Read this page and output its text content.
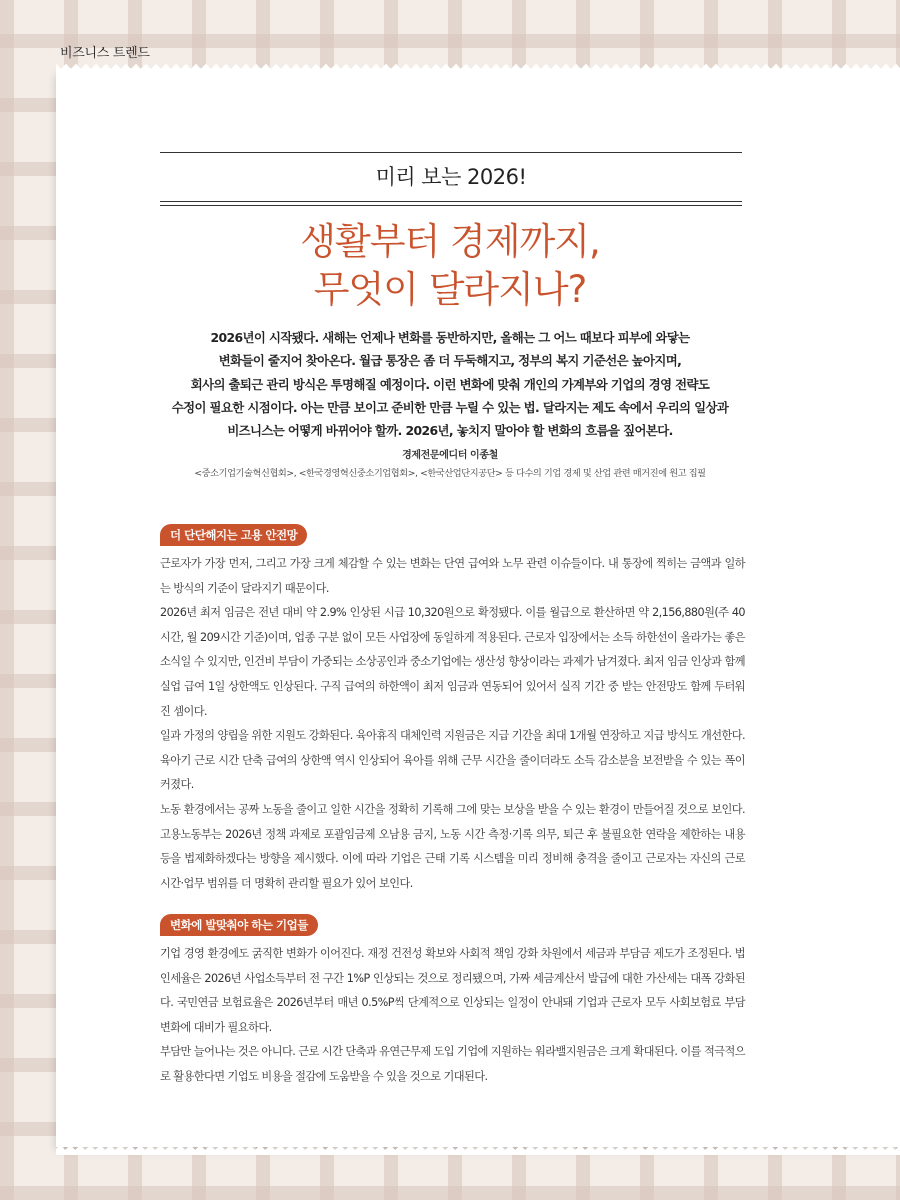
비즈니스 트렌드
미리 보는 2026!
생활부터 경제까지,
무엇이 달라지나?
2026년이 시작됐다. 새해는 언제나 변화를 동반하지만, 올해는 그 어느 때보다 피부에 와닿는
변화들이 줄지어 찾아온다. 월급 통장은 좀 더 두둑해지고, 정부의 복지 기준선은 높아지며,
회사의 출퇴근 관리 방식은 투명해질 예정이다. 이런 변화에 맞춰 개인의 가계부와 기업의 경영 전략도
수정이 필요한 시점이다. 아는 만큼 보이고 준비한 만큼 누릴 수 있는 법. 달라지는 제도 속에서 우리의 일상과
비즈니스는 어떻게 바뀌어야 할까. 2026년, 놓치지 말아야 할 변화의 흐름을 짚어본다.
경제전문에디터 이종철
<중소기업기술혁신협회>, <한국경영혁신중소기업협회>, <한국산업단지공단> 등 다수의 기업 경제 및 산업 관련 매거진에 원고 집필
더 단단해지는 고용 안전망

근로자가 가장 먼저, 그리고 가장 크게 체감할 수 있는 변화는 단연 급여와 노무 관련 이슈들이다. 내 통장에 찍히는 금액과 일하는 방식의 기준이 달라지기 때문이다.

2026년 최저 임금은 전년 대비 약 2.9% 인상된 시급 10,320원으로 확정됐다. 이를 월급으로 환산하면 약 2,156,880원(주 40시간, 월 209시간 기준)이며, 업종 구분 없이 모든 사업장에 동일하게 적용된다. 근로자 입장에서는 소득 하한선이 올라가는 좋은 소식일 수 있지만, 인건비 부담이 가중되는 소상공인과 중소기업에는 생산성 향상이라는 과제가 남겨졌다. 최저 임금 인상과 함께 실업 급여 1일 상한액도 인상된다. 구직 급여의 하한액이 최저 임금과 연동되어 있어서 실직 기간 중 받는 안전망도 함께 두터워진 셈이다.

일과 가정의 양립을 위한 지원도 강화된다. 육아휴직 대체인력 지원금은 지급 기간을 최대 1개월 연장하고 지급 방식도 개선한다. 육아기 근로 시간 단축 급여의 상한액 역시 인상되어 육아를 위해 근무 시간을 줄이더라도 소득 감소분을 보전받을 수 있는 폭이 커졌다.

노동 환경에서는 공짜 노동을 줄이고 일한 시간을 정확히 기록해 그에 맞는 보상을 받을 수 있는 환경이 만들어질 것으로 보인다. 고용노동부는 2026년 정책 과제로 포괄임금제 오남용 금지, 노동 시간 측정·기록 의무, 퇴근 후 불필요한 연락을 제한하는 내용 등을 법제화하겠다는 방향을 제시했다. 이에 따라 기업은 근태 기록 시스템을 미리 정비해 충격을 줄이고 근로자는 자신의 근로 시간·업무 범위를 더 명확히 관리할 필요가 있어 보인다.

변화에 발맞춰야 하는 기업들

기업 경영 환경에도 굵직한 변화가 이어진다. 재정 건전성 확보와 사회적 책임 강화 차원에서 세금과 부담금 제도가 조정된다. 법인세율은 2026년 사업소득부터 전 구간 1%P 인상되는 것으로 정리됐으며, 가짜 세금계산서 발급에 대한 가산세는 대폭 강화된다. 국민연금 보험료율은 2026년부터 매년 0.5%P씩 단계적으로 인상되는 일정이 안내돼 기업과 근로자 모두 사회보험료 부담 변화에 대비가 필요하다.

부담만 늘어나는 것은 아니다. 근로 시간 단축과 유연근무제 도입 기업에 지원하는 워라밸지원금은 크게 확대된다. 이를 적극적으로 활용한다면 기업도 비용을 절감에 도움받을 수 있을 것으로 기대된다.
